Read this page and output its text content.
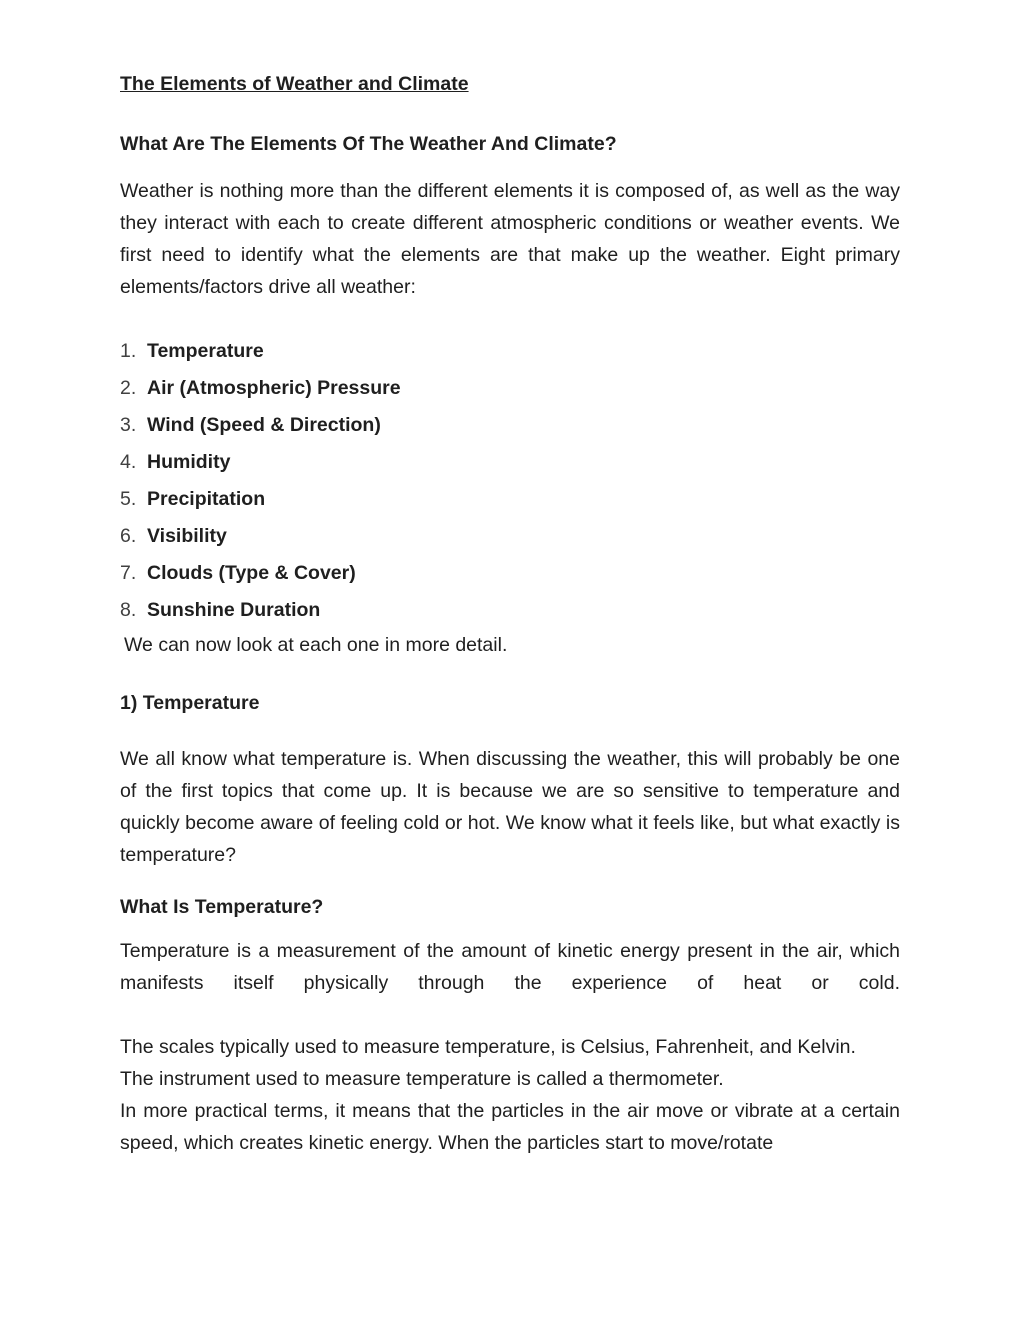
The Elements of Weather and Climate
What Are The Elements Of The Weather And Climate?

Weather is nothing more than the different elements it is composed of, as well as the way they interact with each to create different atmospheric conditions or weather events. We first need to identify what the elements are that make up the weather. Eight primary elements/factors drive all weather:

1. Temperature
2. Air (Atmospheric) Pressure
3. Wind (Speed & Direction)
4. Humidity
5. Precipitation
6. Visibility
7. Clouds (Type & Cover)
8. Sunshine Duration
We can now look at each one in more detail.
1) Temperature

We all know what temperature is. When discussing the weather, this will probably be one of the first topics that come up. It is because we are so sensitive to temperature and quickly become aware of feeling cold or hot. We know what it feels like, but what exactly is temperature?

What Is Temperature?

Temperature is a measurement of the amount of kinetic energy present in the air, which manifests itself physically through the experience of heat or cold.

The scales typically used to measure temperature, is Celsius, Fahrenheit, and Kelvin.

The instrument used to measure temperature is called a thermometer.

In more practical terms, it means that the particles in the air move or vibrate at a certain speed, which creates kinetic energy. When the particles start to move/rotate
